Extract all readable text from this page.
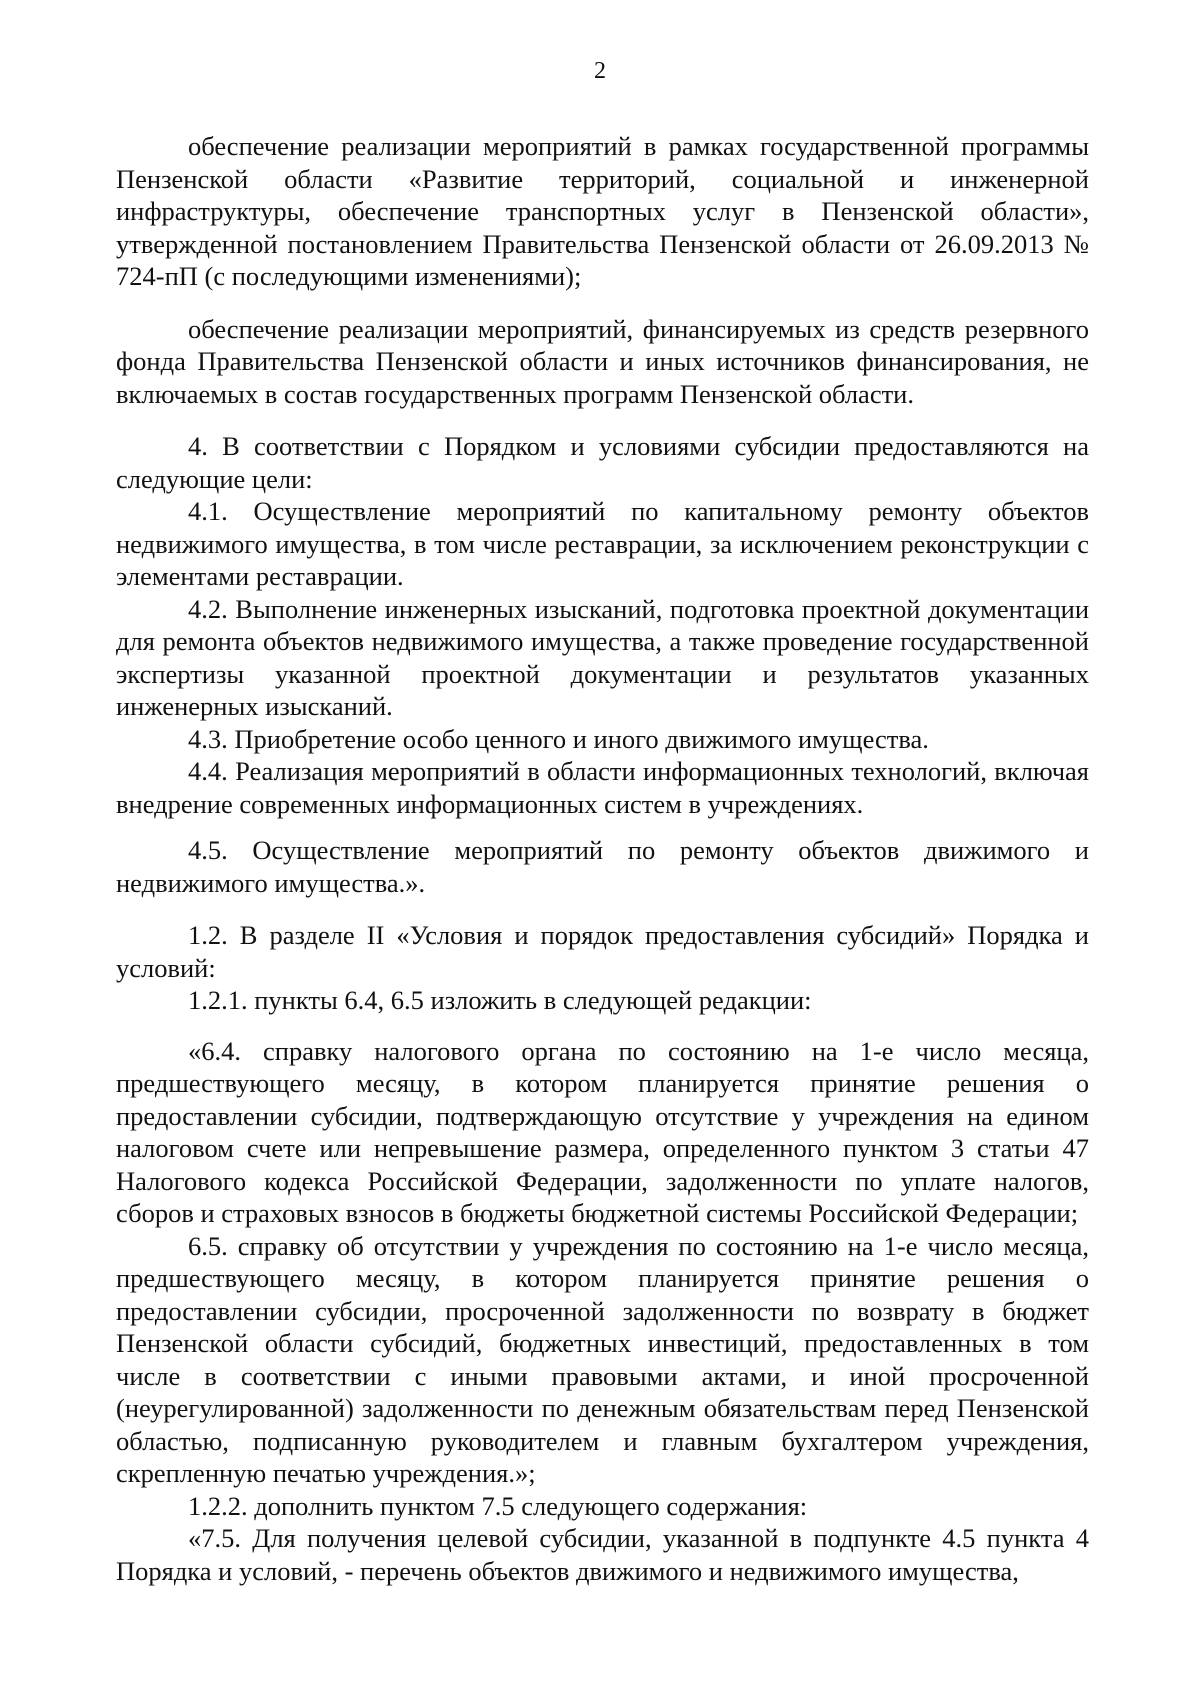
2

обеспечение реализации мероприятий в рамках государственной программы Пензенской области «Развитие территорий, социальной и инженерной инфраструктуры, обеспечение транспортных услуг в Пензенской области», утвержденной постановлением Правительства Пензенской области от 26.09.2013 № 724-пП (с последующими изменениями);

обеспечение реализации мероприятий, финансируемых из средств резервного фонда Правительства Пензенской области и иных источников финансирования, не включаемых в состав государственных программ Пензенской области.

4. В соответствии с Порядком и условиями субсидии предоставляются на следующие цели:

4.1. Осуществление мероприятий по капитальному ремонту объектов недвижимого имущества, в том числе реставрации, за исключением реконструкции с элементами реставрации.

4.2. Выполнение инженерных изысканий, подготовка проектной документации для ремонта объектов недвижимого имущества, а также проведение государственной экспертизы указанной проектной документации и результатов указанных инженерных изысканий.

4.3. Приобретение особо ценного и иного движимого имущества.

4.4. Реализация мероприятий в области информационных технологий, включая внедрение современных информационных систем в учреждениях.

4.5. Осуществление мероприятий по ремонту объектов движимого и недвижимого имущества.».

1.2. В разделе II «Условия и порядок предоставления субсидий» Порядка и условий:

1.2.1. пункты 6.4, 6.5 изложить в следующей редакции:

«6.4. справку налогового органа по состоянию на 1-е число месяца, предшествующего месяцу, в котором планируется принятие решения о предоставлении субсидии, подтверждающую отсутствие у учреждения на едином налоговом счете или непревышение размера, определенного пунктом 3 статьи 47 Налогового кодекса Российской Федерации, задолженности по уплате налогов, сборов и страховых взносов в бюджеты бюджетной системы Российской Федерации;

6.5. справку об отсутствии у учреждения по состоянию на 1-е число месяца, предшествующего месяцу, в котором планируется принятие решения о предоставлении субсидии, просроченной задолженности по возврату в бюджет Пензенской области субсидий, бюджетных инвестиций, предоставленных в том числе в соответствии с иными правовыми актами, и иной просроченной (неурегулированной) задолженности по денежным обязательствам перед Пензенской областью, подписанную руководителем и главным бухгалтером учреждения, скрепленную печатью учреждения.»;

1.2.2. дополнить пунктом 7.5 следующего содержания:

«7.5. Для получения целевой субсидии, указанной в подпункте 4.5 пункта 4 Порядка и условий, - перечень объектов движимого и недвижимого имущества,
